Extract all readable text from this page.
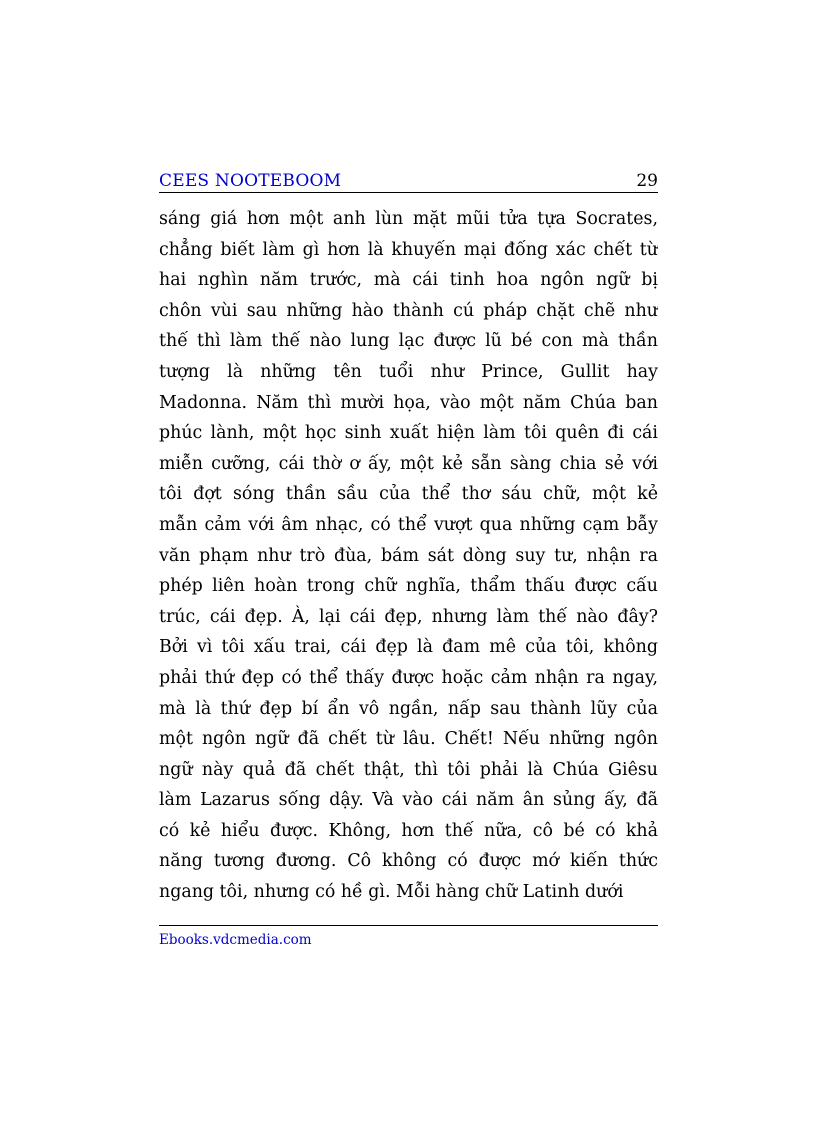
CEES NOOTEBOOM	29
sáng giá hơn một anh lùn mặt mũi tửa tựa Socrates,
chẳng biết làm gì hơn là khuyến mại đống xác chết từ
hai nghìn năm trước, mà cái tinh hoa ngôn ngữ bị
chôn vùi sau những hào thành cú pháp chặt chẽ như
thế thì làm thế nào lung lạc được lũ bé con mà thần
tượng là những tên tuổi như Prince, Gullit hay
Madonna. Năm thì mười họa, vào một năm Chúa ban
phúc lành, một học sinh xuất hiện làm tôi quên đi cái
miễn cưỡng, cái thờ ơ ấy, một kẻ sẵn sàng chia sẻ với
tôi đợt sóng thần sầu của thể thơ sáu chữ, một kẻ
mẫn cảm với âm nhạc, có thể vượt qua những cạm bẫy
văn phạm như trò đùa, bám sát dòng suy tư, nhận ra
phép liên hoàn trong chữ nghĩa, thẩm thấu được cấu
trúc, cái đẹp. À, lại cái đẹp, nhưng làm thế nào đây?
Bởi vì tôi xấu trai, cái đẹp là đam mê của tôi, không
phải thứ đẹp có thể thấy được hoặc cảm nhận ra ngay,
mà là thứ đẹp bí ẩn vô ngần, nấp sau thành lũy của
một ngôn ngữ đã chết từ lâu. Chết! Nếu những ngôn
ngữ này quả đã chết thật, thì tôi phải là Chúa Giêsu
làm Lazarus sống dậy. Và vào cái năm ân sủng ấy, đã
có kẻ hiểu được. Không, hơn thế nữa, cô bé có khả
năng tương đương. Cô không có được mớ kiến thức
ngang tôi, nhưng có hề gì. Mỗi hàng chữ Latinh dưới
Ebooks.vdcmedia.com
